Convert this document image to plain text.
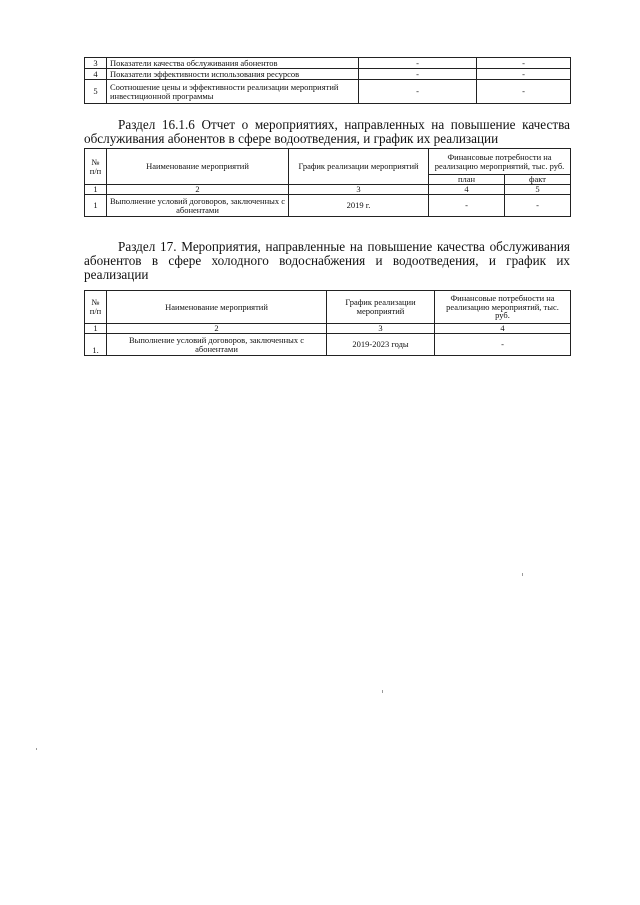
3	Показатели качества обслуживания абонентов	-	-
4	Показатели эффективности использования ресурсов	-	-
5	Соотношение цены и эффективности реализации мероприятий инвестиционной программы	-	-

Раздел 16.1.6 Отчет о мероприятиях, направленных на повышение качества обслуживания абонентов в сфере водоотведения, и график их реализации

№ п/п	Наименование мероприятий	График реализации мероприятий	Финансовые потребности на реализацию мероприятий, тыс. руб.	
			план	факт
1	2	3	4	5
1	Выполнение условий договоров, заключенных с абонентами	2019 г.	-	-

Раздел 17. Мероприятия, направленные на повышение качества обслуживания абонентов в сфере холодного водоснабжения и водоотведения, и график их реализации

№ п/п	Наименование мероприятий	График реализации мероприятий	Финансовые потребности на реализацию мероприятий, тыс. руб.
1	2	3	4
1.	Выполнение условий договоров, заключенных с абонентами	2019-2023 годы	-
